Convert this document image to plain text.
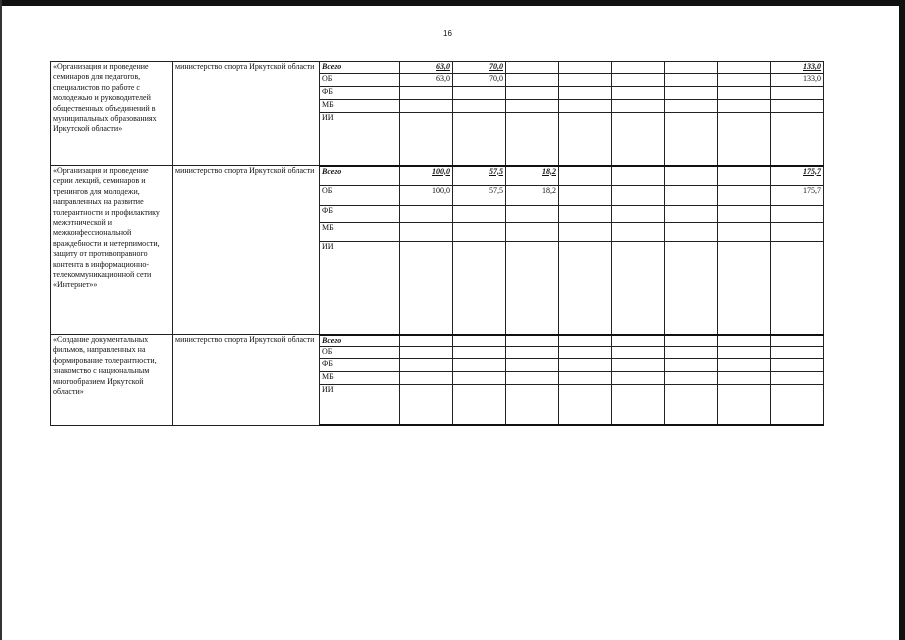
16
«Организация и проведение семинаров для педагогов, специалистов по работе с молодежью и руководителей общественных объединений в муниципальных образованиях Иркутской области»	министерство спорта Иркутской области	Всего	63,0	70,0						133,0
		ОБ	63,0	70,0						133,0
		ФБ								
		МБ								
		ИИ								
«Организация и проведение серии лекций, семинаров и тренингов для молодежи, направленных на развитие толерантности и профилактику межэтнической и межконфессиональной враждебности и нетерпимости, защиту от противоправного контента в информационно-телекоммуникационной сети «Интернет»»	министерство спорта Иркутской области	Всего	100,0	57,5	18,2					175,7
		ОБ	100,0	57,5	18,2					175,7
		ФБ								
		МБ								
		ИИ								
«Создание документальных фильмов, направленных на формирование толерантности, знакомство с национальным многообразием Иркутской области»	министерство спорта Иркутской области	Всего								
		ОБ								
		ФБ								
		МБ								
		ИИ								
